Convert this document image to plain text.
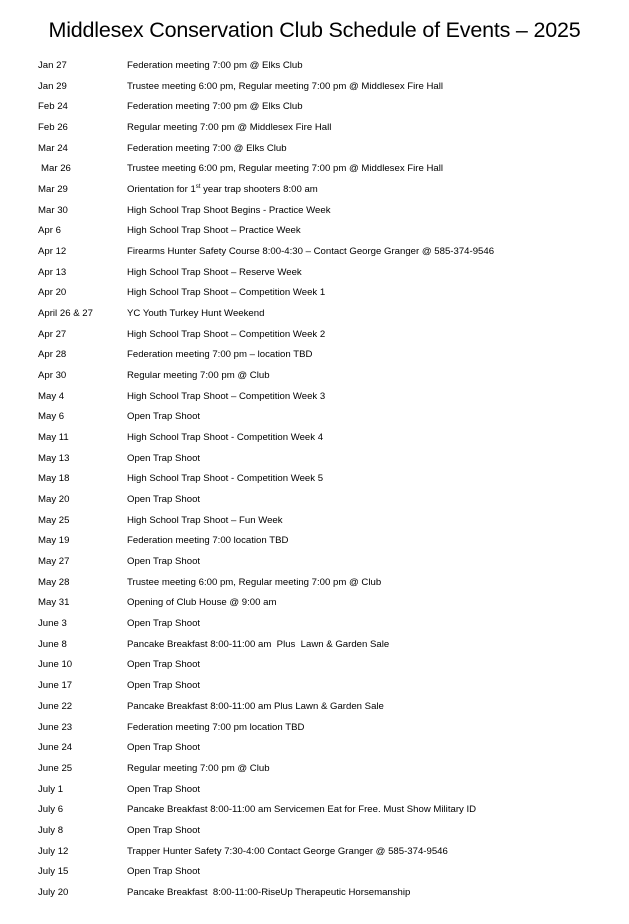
Middlesex Conservation Club Schedule of Events – 2025
Jan 27	Federation meeting 7:00 pm @ Elks Club
Jan 29	Trustee meeting 6:00 pm, Regular meeting 7:00 pm @ Middlesex Fire Hall
Feb 24	Federation meeting 7:00 pm @ Elks Club
Feb 26	Regular meeting 7:00 pm @ Middlesex Fire Hall
Mar 24	Federation meeting 7:00 @ Elks Club
Mar 26	Trustee meeting 6:00 pm, Regular meeting 7:00 pm @ Middlesex Fire Hall
Mar 29	Orientation for 1st year trap shooters 8:00 am
Mar 30	High School Trap Shoot Begins - Practice Week
Apr 6	High School Trap Shoot – Practice Week
Apr 12	Firearms Hunter Safety Course 8:00-4:30 – Contact George Granger @ 585-374-9546
Apr 13	High School Trap Shoot – Reserve Week
Apr 20	High School Trap Shoot – Competition Week 1
April 26 & 27	YC Youth Turkey Hunt Weekend
Apr 27	High School Trap Shoot – Competition Week 2
Apr 28	Federation meeting 7:00 pm – location TBD
Apr 30	Regular meeting 7:00 pm @ Club
May 4	High School Trap Shoot – Competition Week 3
May 6	Open Trap Shoot
May 11	High School Trap Shoot - Competition Week 4
May 13	Open Trap Shoot
May 18	High School Trap Shoot - Competition Week 5
May 20	Open Trap Shoot
May 25	High School Trap Shoot – Fun Week
May 19	Federation meeting 7:00 location TBD
May 27	Open Trap Shoot
May 28	Trustee meeting 6:00 pm, Regular meeting 7:00 pm @ Club
May 31	Opening of Club House @ 9:00 am
June 3	Open Trap Shoot
June 8	Pancake Breakfast 8:00-11:00 am  Plus  Lawn & Garden Sale
June 10	Open Trap Shoot
June 17	Open Trap Shoot
June 22	Pancake Breakfast 8:00-11:00 am Plus Lawn & Garden Sale
June 23	Federation meeting 7:00 pm location TBD
June 24	Open Trap Shoot
June 25	Regular meeting 7:00 pm @ Club
July 1	Open Trap Shoot
July 6	Pancake Breakfast 8:00-11:00 am Servicemen Eat for Free. Must Show Military ID
July 8	Open Trap Shoot
July 12	Trapper Hunter Safety 7:30-4:00 Contact George Granger @ 585-374-9546
July 15	Open Trap Shoot
July 20	Pancake Breakfast  8:00-11:00-RiseUp Therapeutic Horsemanship
